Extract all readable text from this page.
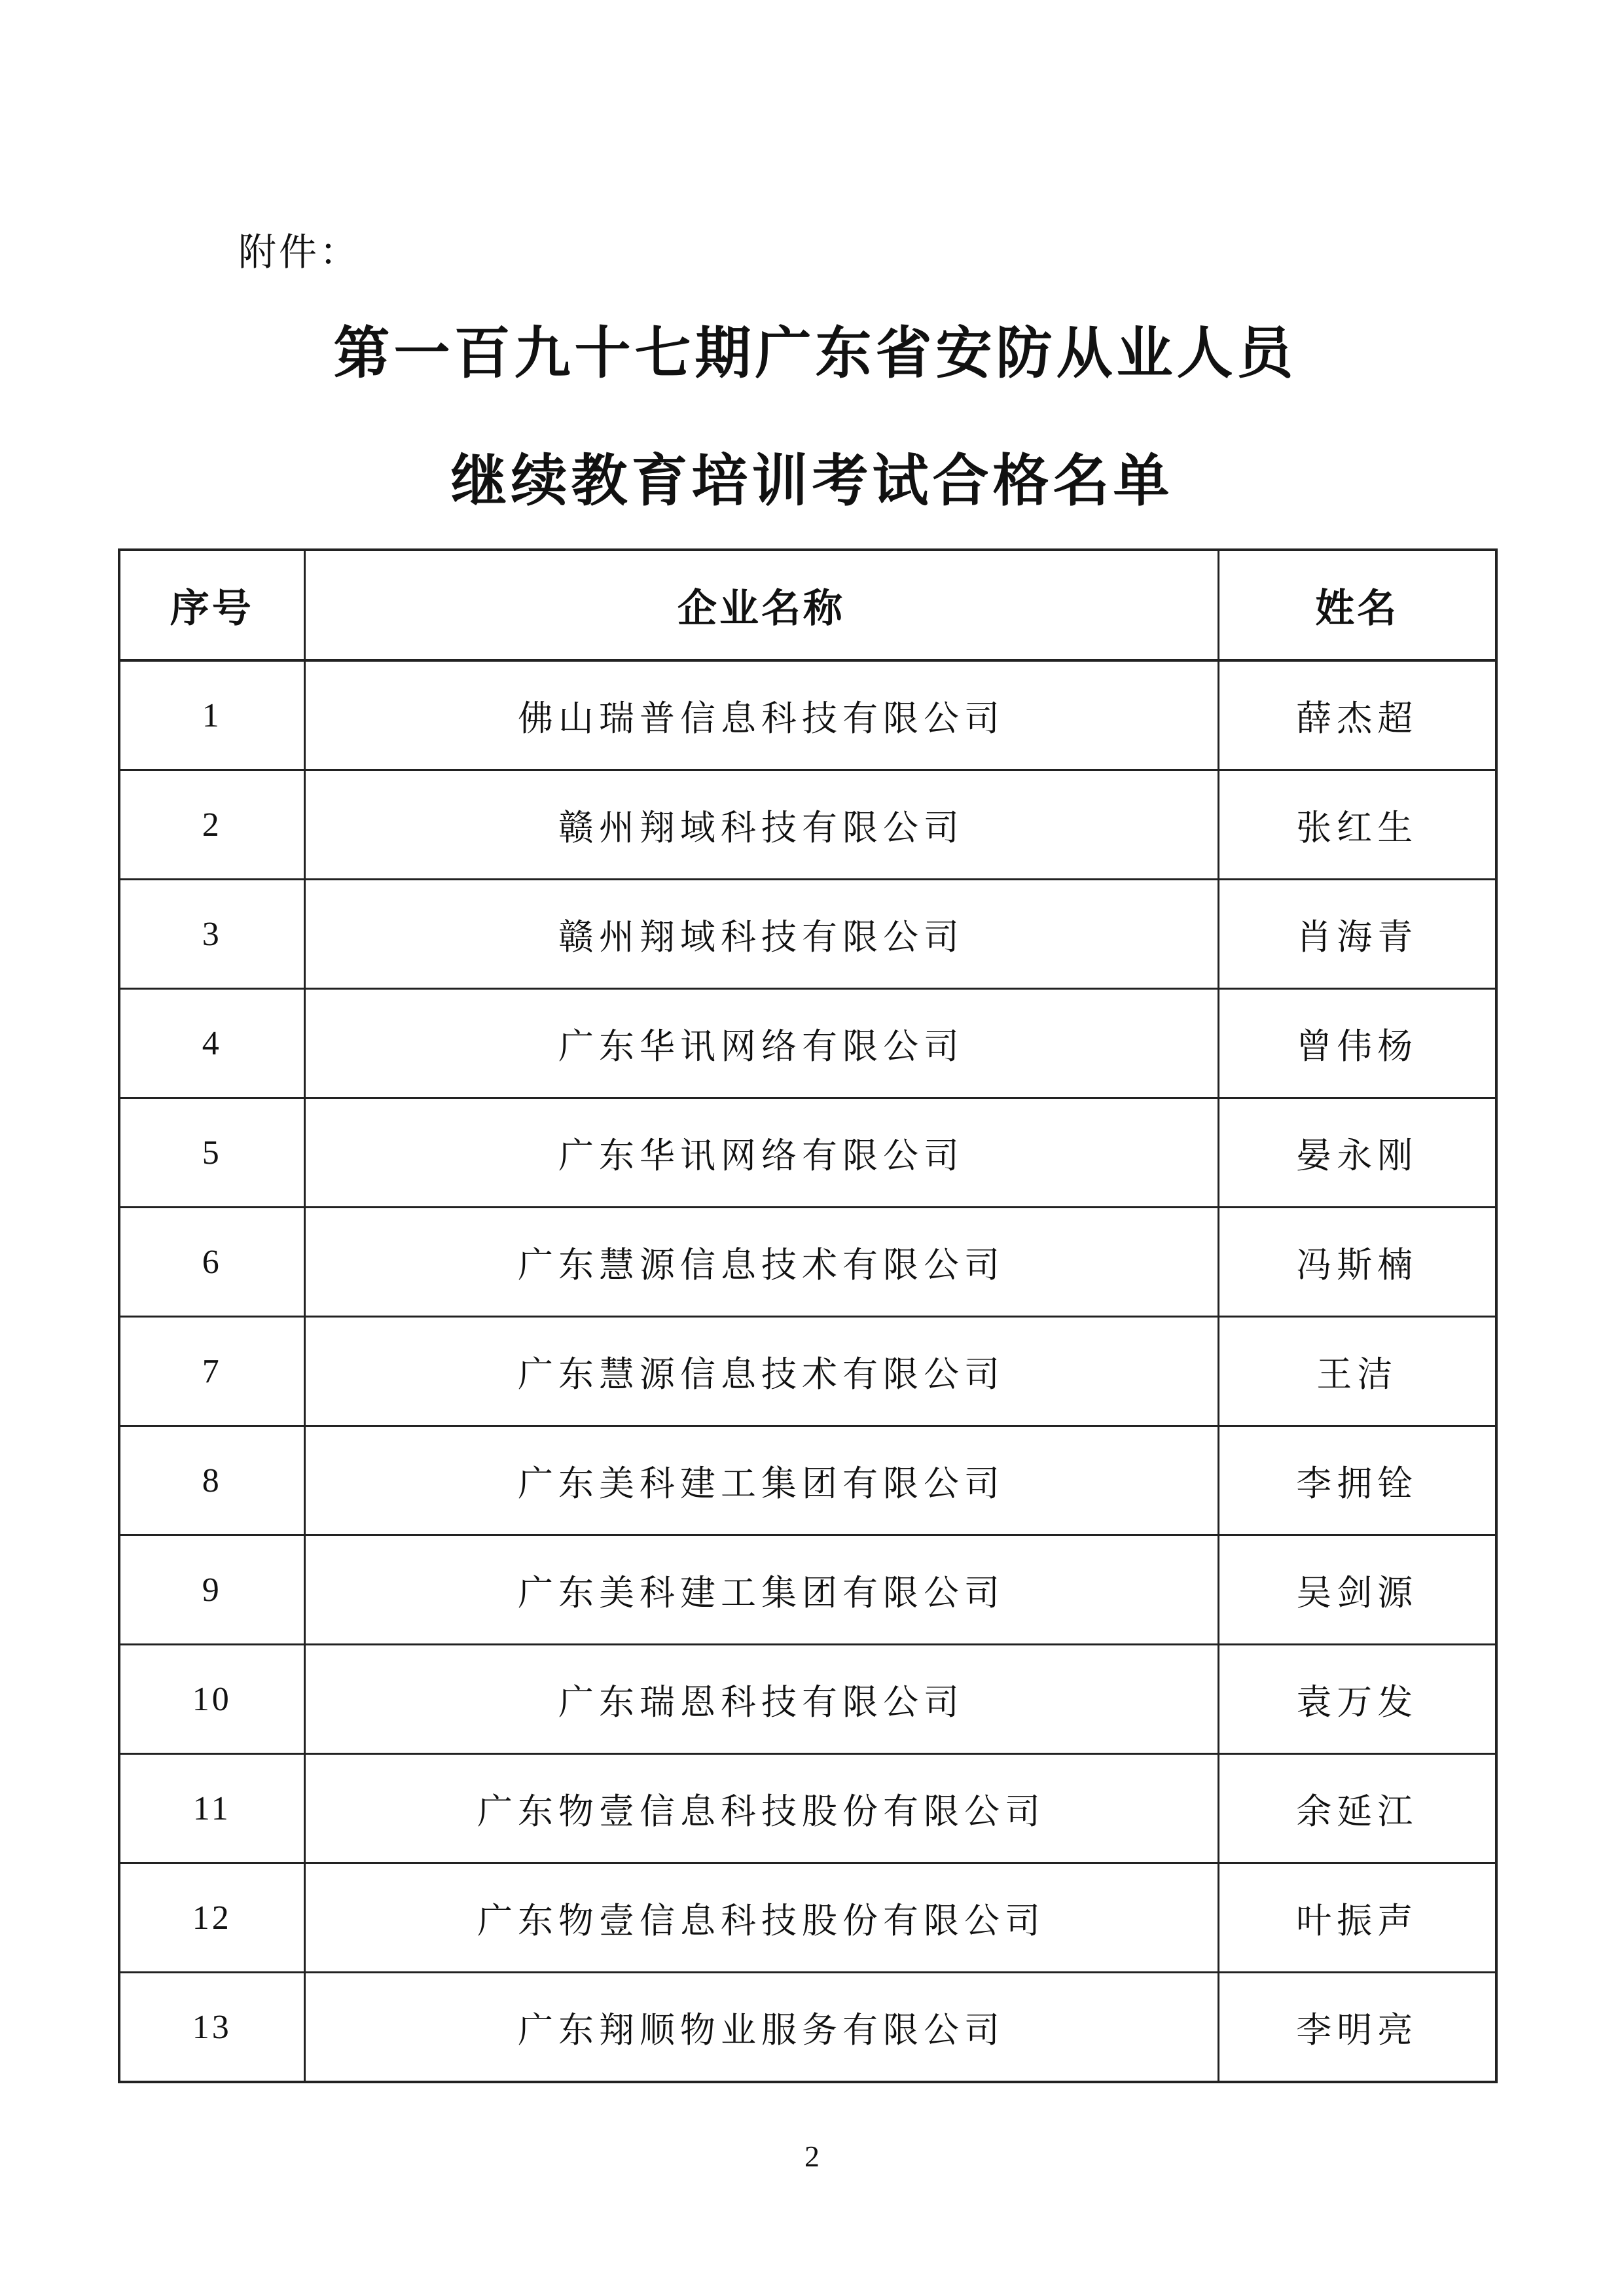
附件：
第一百九十七期广东省安防从业人员
继续教育培训考试合格名单
序号	企业名称	姓名
1	佛山瑞普信息科技有限公司	薛杰超
2	赣州翔域科技有限公司	张红生
3	赣州翔域科技有限公司	肖海青
4	广东华讯网络有限公司	曾伟杨
5	广东华讯网络有限公司	晏永刚
6	广东慧源信息技术有限公司	冯斯楠
7	广东慧源信息技术有限公司	王洁
8	广东美科建工集团有限公司	李拥铨
9	广东美科建工集团有限公司	吴剑源
10	广东瑞恩科技有限公司	袁万发
11	广东物壹信息科技股份有限公司	余延江
12	广东物壹信息科技股份有限公司	叶振声
13	广东翔顺物业服务有限公司	李明亮
2
